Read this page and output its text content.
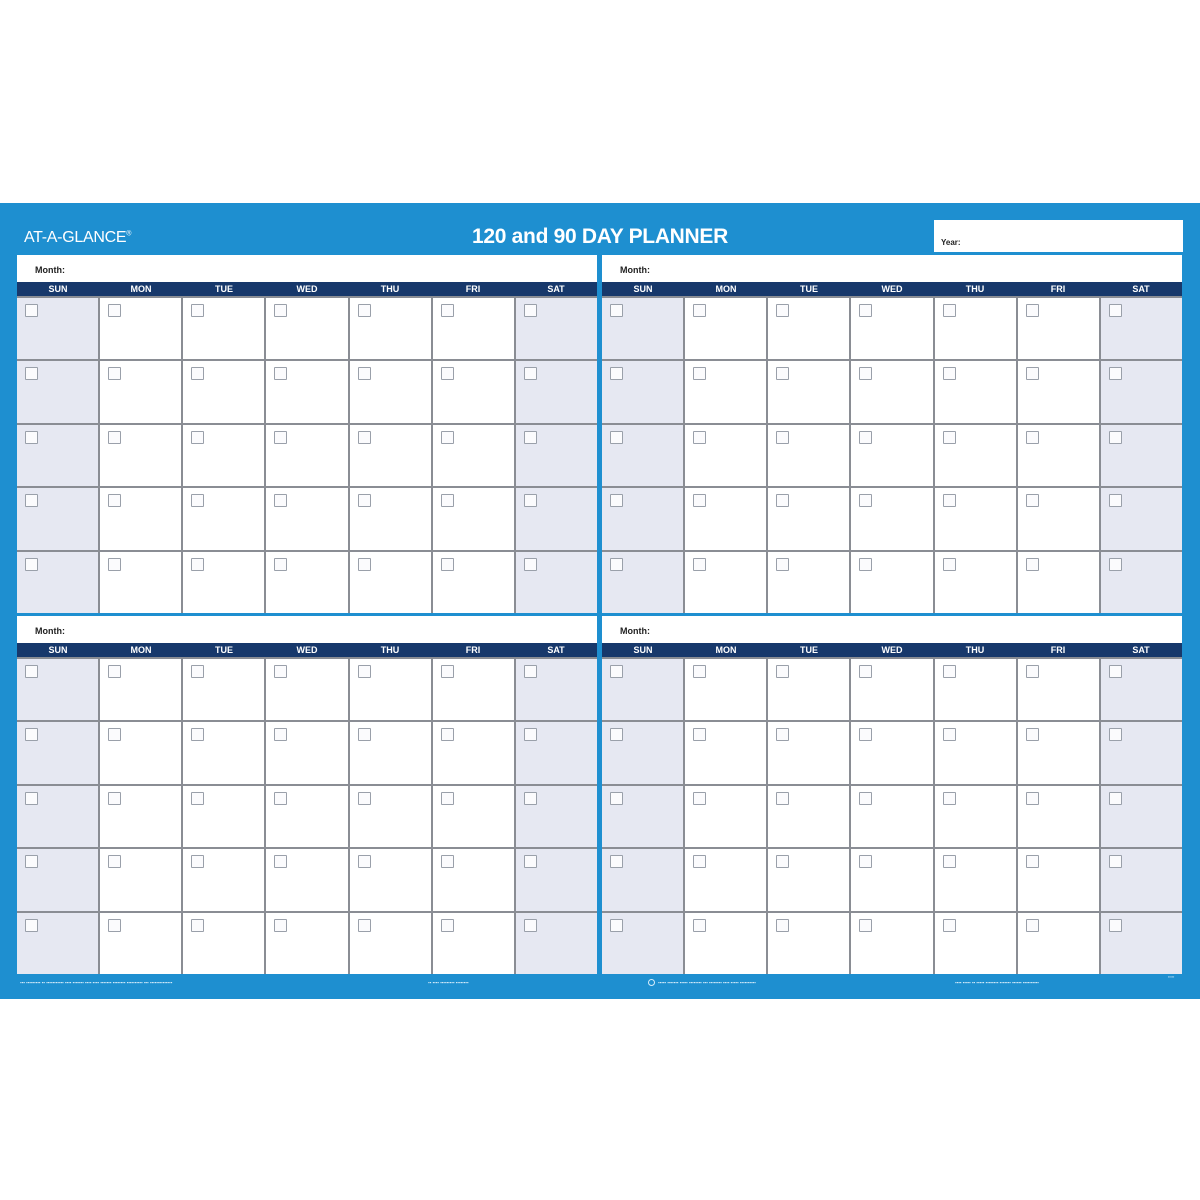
AT-A-GLANCE®	120 and 90 DAY PLANNER	Year:
Month:
SUN	MON	TUE	WED	THU	FRI	SAT
Month:
SUN	MON	TUE	WED	THU	FRI	SAT
Month:
SUN	MON	TUE	WED	THU	FRI	SAT
Month:
SUN	MON	TUE	WED	THU	FRI	SAT
▪▪▪ ▪▪▪▪▪▪▪▪▪ ▪▪ ▪▪▪▪▪▪▪▪▪▪▪ ▪▪▪▪ ▪▪▪▪▪▪▪ ▪▪▪▪ ▪▪▪▪ ▪▪▪▪▪▪▪ ▪▪▪▪▪▪▪▪ ▪▪▪▪▪▪▪▪▪▪ ▪▪▪ ▪▪▪▪▪▪▪▪▪▪▪▪▪▪	▪▪ ▪▪▪▪ ▪▪▪▪▪▪▪▪▪ ▪▪▪▪▪▪▪▪	▪▪▪▪▪ ▪▪▪▪▪▪▪ ▪▪▪▪▪ ▪▪▪▪▪▪▪▪ ▪▪▪ ▪▪▪▪▪▪▪▪ ▪▪▪▪ ▪▪▪▪▪ ▪▪▪▪▪▪▪▪▪▪	▪▪▪▪ ▪▪▪▪▪ ▪▪ ▪▪▪▪▪ ▪▪▪▪▪▪▪▪ ▪▪▪▪▪▪▪ ▪▪▪▪▪▪ ▪▪▪▪▪▪▪▪▪▪
▪▪▪
▪▪▪▪▪
